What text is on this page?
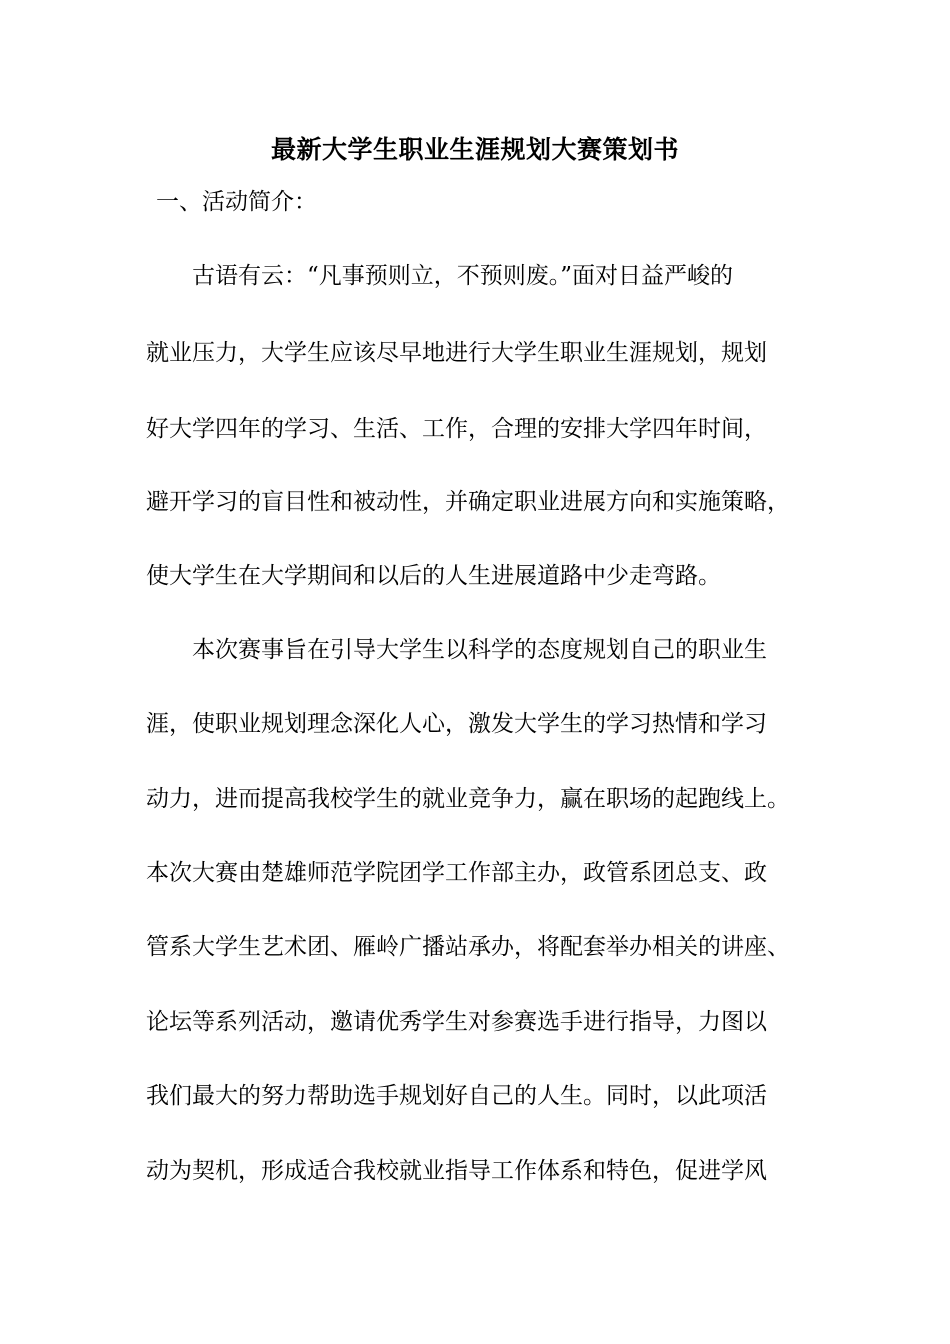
最新大学生职业生涯规划大赛策划书

一、活动简介：

古语有云：“凡事预则立，不预则废。”面对日益严峻的

就业压力，大学生应该尽早地进行大学生职业生涯规划，规划

好大学四年的学习、生活、工作，合理的安排大学四年时间，

避开学习的盲目性和被动性，并确定职业进展方向和实施策略，

使大学生在大学期间和以后的人生进展道路中少走弯路。

本次赛事旨在引导大学生以科学的态度规划自己的职业生

涯，使职业规划理念深化人心，激发大学生的学习热情和学习

动力，进而提高我校学生的就业竞争力，赢在职场的起跑线上。

本次大赛由楚雄师范学院团学工作部主办，政管系团总支、政

管系大学生艺术团、雁岭广播站承办，将配套举办相关的讲座、

论坛等系列活动，邀请优秀学生对参赛选手进行指导，力图以

我们最大的努力帮助选手规划好自己的人生。同时，以此项活

动为契机，形成适合我校就业指导工作体系和特色，促进学风
